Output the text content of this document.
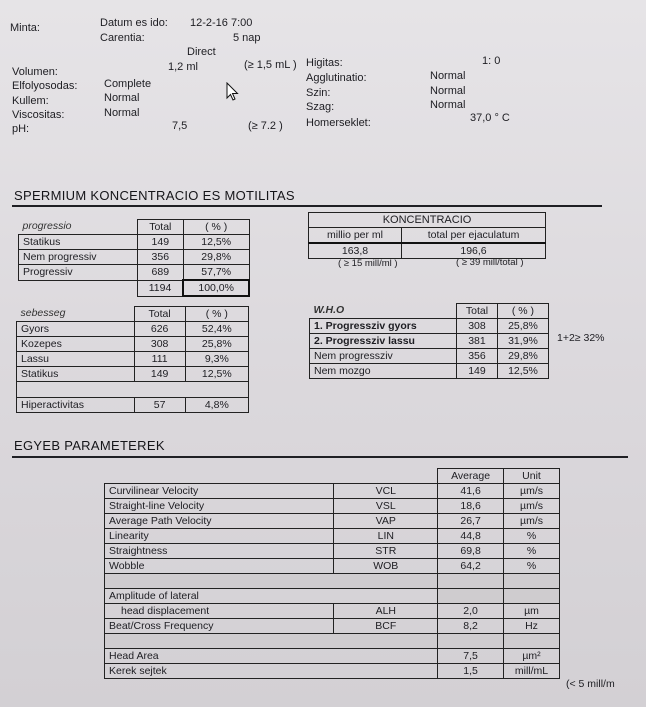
Minta:	Datum es ido: 12-2-16 7:00
Carentia:	5 nap
Direct
Volumen:	1,2 ml	(≥ 1,5 mL )
Elfolyosodas: Complete
Kullem:	Normal
Viscositas:	Normal
pH:	7,5	(≥ 7.2 )
Higitas:	1: 0
Agglutinatio:	Normal
Szin:	Normal
Szag:	Normal
Homerseklet:	37,0 ° C
SPERMIUM KONCENTRACIO ES MOTILITAS
progressio	Total	( % )
Statikus	149	12,5%
Nem progressiv	356	29,8%
Progressiv	689	57,7%
	1194	100,0%
KONCENTRACIO	
millio per ml	total per ejaculatum
163,8	196,6
( ≥ 15 mill/ml )	( ≥ 39 mill/total )
sebesseg	Total	( % )
Gyors	626	52,4%
Kozepes	308	25,8%
Lassu	111	9,3%
Statikus	149	12,5%

Hiperactivitas	57	4,8%
W.H.O	Total	( % )
1. Progressziv gyors	308	25,8%
2. Progressziv lassu	381	31,9%
Nem progressziv	356	29,8%
Nem mozgo	149	12,5%
1+2≥ 32%
EGYEB PARAMETEREK
		Average	Unit
Curvilinear Velocity	VCL	41,6	µm/s
Straight-line Velocity	VSL	18,6	µm/s
Average Path Velocity	VAP	26,7	µm/s
Linearity	LIN	44,8	%
Straightness	STR	69,8	%
Wobble	WOB	64,2	%

Amplitude of lateral			
head displacement	ALH	2,0	µm
Beat/Cross Frequency	BCF	8,2	Hz

Head Area		7,5	µm²
Kerek sejtek		1,5	mill/mL
(< 5 mill/m
